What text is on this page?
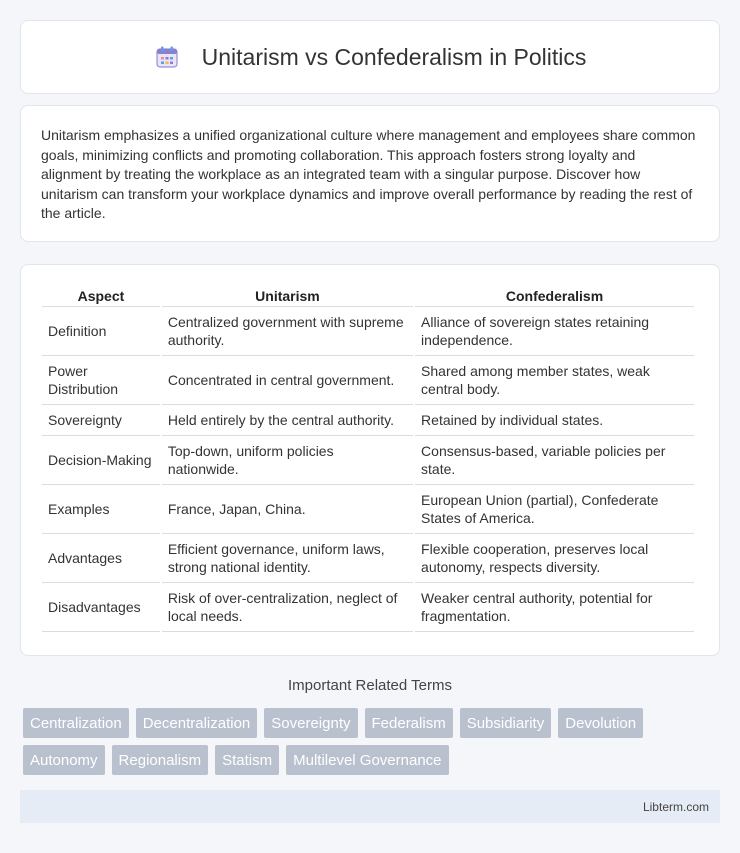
Unitarism vs Confederalism in Politics

Unitarism emphasizes a unified organizational culture where management and employees share common goals, minimizing conflicts and promoting collaboration. This approach fosters strong loyalty and alignment by treating the workplace as an integrated team with a singular purpose. Discover how unitarism can transform your workplace dynamics and improve overall performance by reading the rest of the article.

Aspect	Unitarism	Confederalism
Definition	Centralized government with supreme authority.	Alliance of sovereign states retaining independence.
Power Distribution	Concentrated in central government.	Shared among member states, weak central body.
Sovereignty	Held entirely by the central authority.	Retained by individual states.
Decision-Making	Top-down, uniform policies nationwide.	Consensus-based, variable policies per state.
Examples	France, Japan, China.	European Union (partial), Confederate States of America.
Advantages	Efficient governance, uniform laws, strong national identity.	Flexible cooperation, preserves local autonomy, respects diversity.
Disadvantages	Risk of over-centralization, neglect of local needs.	Weaker central authority, potential for fragmentation.
Important Related Terms
Centralization	Decentralization	Sovereignty	Federalism	Subsidiarity	Devolution
Autonomy	Regionalism	Statism	Multilevel Governance
Libterm.com
